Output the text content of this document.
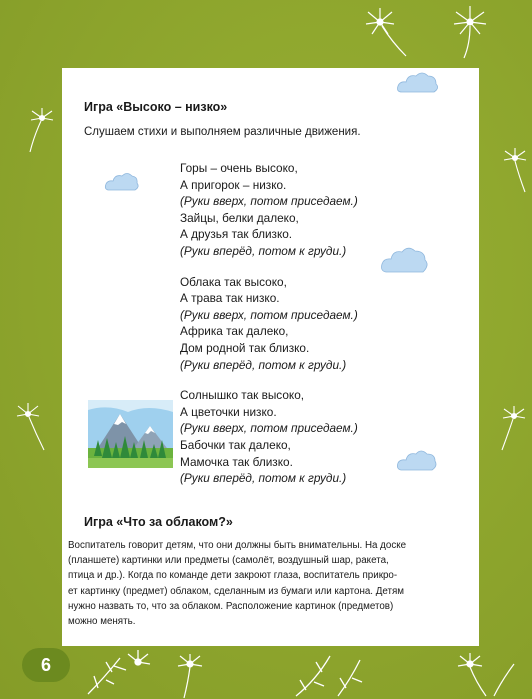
Игра «Высоко – низко»
Слушаем стихи и выполняем различные движения.
Горы – очень высоко,
А пригорок – низко.
(Руки вверх, потом приседаем.)
Зайцы, белки далеко,
А друзья так близко.
(Руки вперёд, потом к груди.)
Облака так высоко,
А трава так низко.
(Руки вверх, потом приседаем.)
Африка так далеко,
Дом родной так близко.
(Руки вперёд, потом к груди.)
Солнышко так высоко,
А цветочки низко.
(Руки вверх, потом приседаем.)
Бабочки так далеко,
Мамочка так близко.
(Руки вперёд, потом к груди.)
Игра «Что за облаком?»
Воспитатель говорит детям, что они должны быть внимательны. На доске
(планшете) картинки или предметы (самолёт, воздушный шар, ракета,
птица и др.). Когда по команде дети закроют глаза, воспитатель прикро-
ет картинку (предмет) облаком, сделанным из бумаги или картона. Детям
нужно назвать то, что за облаком. Расположение картинок (предметов)
можно менять.
6
